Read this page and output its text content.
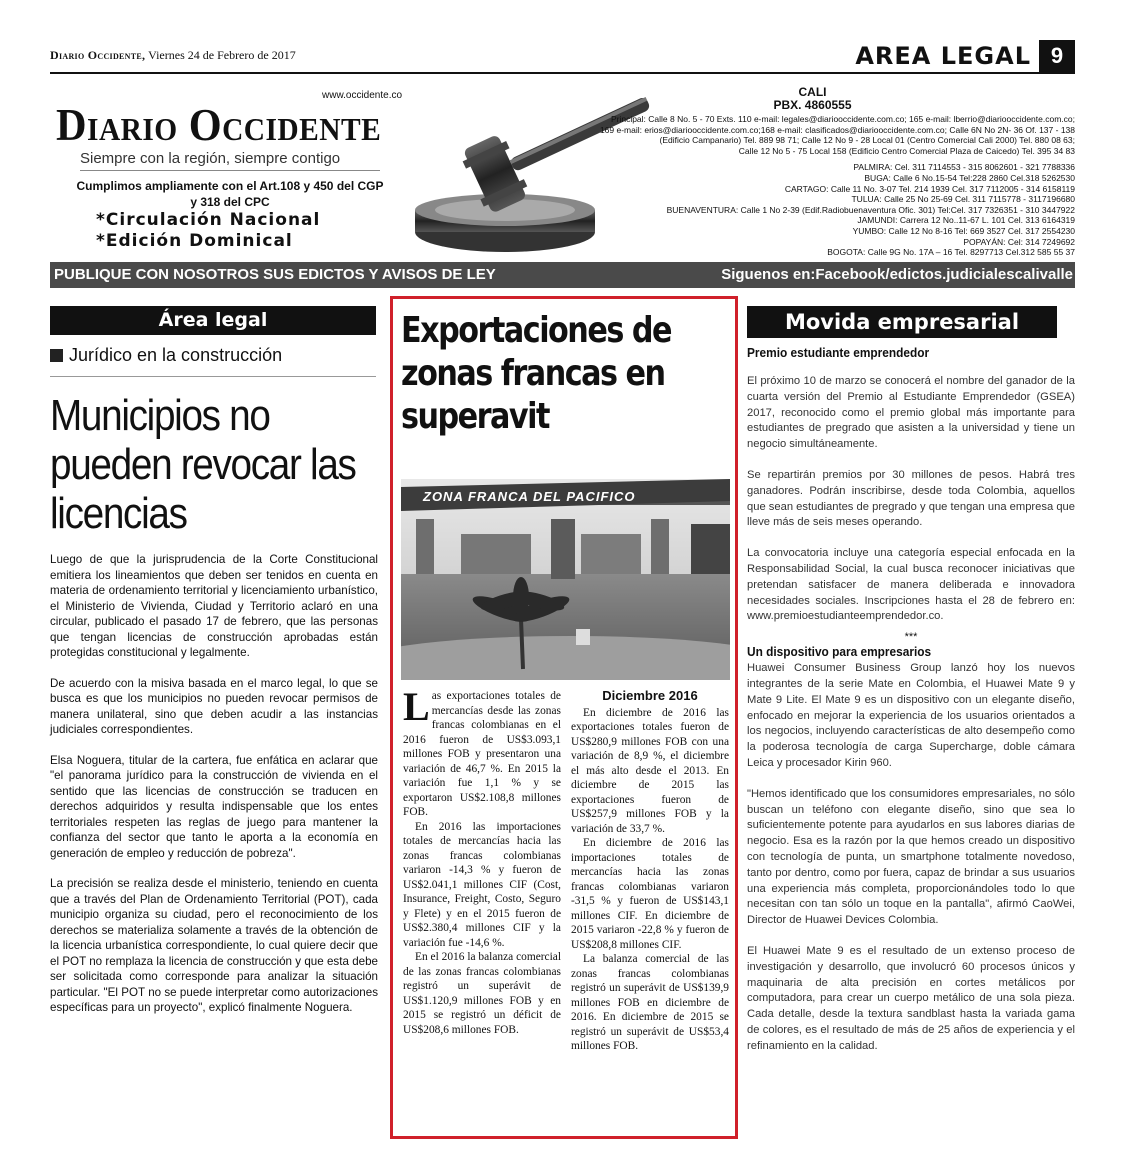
Diario Occidente, Viernes 24 de Febrero de 2017	AREA LEGAL 9
www.occidente.co
Diario Occidente
Siempre con la región, siempre contigo
Cumplimos ampliamente con el Art.108 y 450 del CGP
y 318 del CPC
*Circulación Nacional
*Edición Dominical
CALI
PBX. 4860555
Principal: Calle 8 No. 5 - 70 Exts. 110 e-mail: legales@diariooccidente.com.co; 165 e-mail: lberrio@diariooccidente.com.co;
169 e-mail: erios@diariooccidente.com.co;168 e-mail: clasificados@diariooccidente.com.co; Calle 6N No 2N- 36 Of. 137 - 138
(Edificio Campanario) Tel. 889 98 71; Calle 12 No 9 - 28 Local 01 (Centro Comercial Cali 2000) Tel. 880 08 63;
Calle 12 No 5 - 75 Local 158 (Edificio Centro Comercial Plaza de Caicedo) Tel. 395 34 83
PALMIRA: Cel. 311 7114553 - 315 8062601 - 321 7788336
BUGA: Calle 6 No.15-54 Tel:228 2860 Cel.318 5262530
CARTAGO: Calle 11 No. 3-07 Tel. 214 1939 Cel. 317 7112005 - 314 6158119
TULUA: Calle 25 No 25-69 Cel. 311 7115778 - 3117196680
BUENAVENTURA: Calle 1 No 2-39 (Edif.Radiobuenaventura Ofic. 301) Tel:Cel. 317 7326351 - 310 3447922
JAMUNDI: Carrera 12 No..11-67 L. 101 Cel. 313 6164319
YUMBO: Calle 12 No 8-16 Tel: 669 3527 Cel. 317 2554230
POPAYÁN: Cel: 314 7249692
BOGOTA: Calle 9G No. 17A – 16 Tel. 8297713 Cel.312 585 55 37
PUBLIQUE CON NOSOTROS SUS EDICTOS Y AVISOS DE LEY	Siguenos en:Facebook/edictos.judicialescalivalle
Área legal
Jurídico en la construcción
Municipios no pueden revocar las licencias

Luego de que la jurisprudencia de la Corte Constitucional emitiera los lineamientos que deben ser tenidos en cuenta en materia de ordenamiento territorial y licenciamiento urbanístico, el Ministerio de Vivienda, Ciudad y Territorio aclaró en una circular, publicado el pasado 17 de febrero, que las personas que tengan licencias de construcción aprobadas están protegidas constitucional y legalmente.

De acuerdo con la misiva basada en el marco legal, lo que se busca es que los municipios no pueden revocar permisos de manera unilateral, sino que deben acudir a las instancias judiciales correspondientes.

Elsa Noguera, titular de la cartera, fue enfática en aclarar que "el panorama jurídico para la construcción de vivienda en el sentido que las licencias de construcción se traducen en derechos adquiridos y resulta indispensable que los entes territoriales respeten las reglas de juego para mantener la confianza del sector que tanto le aporta a la economía en generación de empleo y reducción de pobreza".

La precisión se realiza desde el ministerio, teniendo en cuenta que a través del Plan de Ordenamiento Territorial (POT), cada municipio organiza su ciudad, pero el reconocimiento de los derechos se materializa solamente a través de la obtención de la licencia urbanística correspondiente, lo cual quiere decir que el POT no remplaza la licencia de construcción y que esta debe ser solicitada como corresponde para analizar la situación particular. "El POT no se puede interpretar como autorizaciones específicas para un proyecto", explicó finalmente Noguera.

Exportaciones de zonas francas en superavit
ZONA FRANCA DEL PACIFICO

Las exportaciones totales de mercancías desde las zonas francas colombianas en el 2016 fueron de US$3.093,1 millones FOB y presentaron una variación de 46,7 %. En 2015 la variación fue 1,1 % y se exportaron US$2.108,8 millones FOB.

En 2016 las importaciones totales de mercancías hacia las zonas francas colombianas variaron -14,3 % y fueron de US$2.041,1 millones CIF (Cost, Insurance, Freight, Costo, Seguro y Flete) y en el 2015 fueron de US$2.380,4 millones CIF y la variación fue -14,6 %.

En el 2016 la balanza comercial de las zonas francas colombianas registró un superávit de US$1.120,9 millones FOB y en 2015 se registró un déficit de US$208,6 millones FOB.

Diciembre 2016

En diciembre de 2016 las exportaciones totales fueron de US$280,9 millones FOB con una variación de 8,9 %, el diciembre el más alto desde el 2013. En diciembre de 2015 las exportaciones fueron de US$257,9 millones FOB y la variación de 33,7 %.

En diciembre de 2016 las importaciones totales de mercancías hacia las zonas francas colombianas variaron -31,5 % y fueron de US$143,1 millones CIF. En diciembre de 2015 variaron -22,8 % y fueron de US$208,8 millones CIF.

La balanza comercial de las zonas francas colombianas registró un superávit de US$139,9 millones FOB en diciembre de 2016. En diciembre de 2015 se registró un superávit de US$53,4 millones FOB.

Movida empresarial
Premio estudiante emprendedor

El próximo 10 de marzo se conocerá el nombre del ganador de la cuarta versión del Premio al Estudiante Emprendedor (GSEA) 2017, reconocido como el premio global más importante para estudiantes de pregrado que asisten a la universidad y tiene un negocio simultáneamente.

Se repartirán premios por 30 millones de pesos. Habrá tres ganadores. Podrán inscribirse, desde toda Colombia, aquellos que sean estudiantes de pregrado y que tengan una empresa que lleve más de seis meses operando.

La convocatoria incluye una categoría especial enfocada en la Responsabilidad Social, la cual busca reconocer iniciativas que pretendan satisfacer de manera deliberada e innovadora necesidades sociales. Inscripciones hasta el 28 de febrero en: www.premioestudianteemprendedor.co.

***
Un dispositivo para empresarios

Huawei Consumer Business Group lanzó hoy los nuevos integrantes de la serie Mate en Colombia, el Huawei Mate 9 y Mate 9 Lite. El Mate 9 es un dispositivo con un elegante diseño, enfocado en mejorar la experiencia de los usuarios orientados a los negocios, incluyendo características de alto desempeño como la poderosa tecnología de carga Supercharge, doble cámara Leica y procesador Kirin 960.

"Hemos identificado que los consumidores empresariales, no sólo buscan un teléfono con elegante diseño, sino que sea lo suficientemente potente para ayudarlos en sus labores diarias de negocio. Esa es la razón por la que hemos creado un dispositivo con tecnología de punta, un smartphone totalmente novedoso, tanto por dentro, como por fuera, capaz de brindar a sus usuarios una experiencia más completa, proporcionándoles todo lo que necesitan con tan sólo un toque en la pantalla", afirmó CaoWei, Director de Huawei Devices Colombia.

El Huawei Mate 9 es el resultado de un extenso proceso de investigación y desarrollo, que involucró 60 procesos únicos y maquinaria de alta precisión en cortes metálicos por computadora, para crear un cuerpo metálico de una sola pieza. Cada detalle, desde la textura sandblast hasta la variada gama de colores, es el resultado de más de 25 años de experiencia y el refinamiento en la calidad.
